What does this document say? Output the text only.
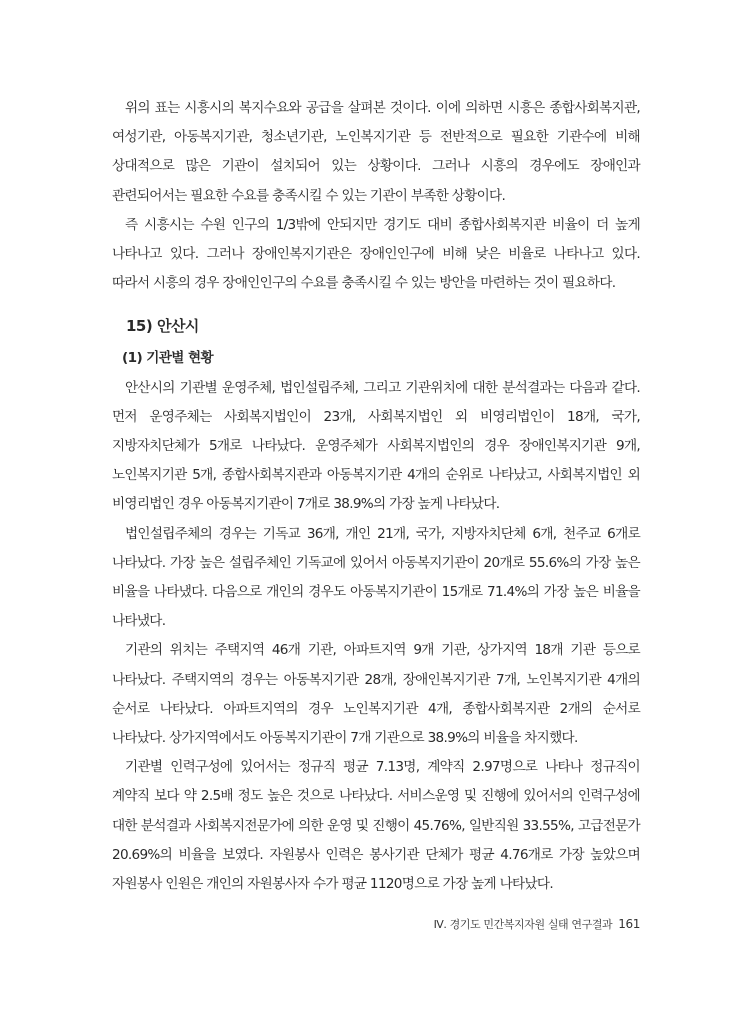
위의 표는 시흥시의 복지수요와 공급을 살펴본 것이다. 이에 의하면 시흥은 종합사회복지관, 여성기관, 아동복지기관, 청소년기관, 노인복지기관 등 전반적으로 필요한 기관수에 비해 상대적으로 많은 기관이 설치되어 있는 상황이다. 그러나 시흥의 경우에도 장애인과 관련되어서는 필요한 수요를 충족시킬 수 있는 기관이 부족한 상황이다.

즉 시흥시는 수원 인구의 1/3밖에 안되지만 경기도 대비 종합사회복지관 비율이 더 높게 나타나고 있다. 그러나 장애인복지기관은 장애인인구에 비해 낮은 비율로 나타나고 있다. 따라서 시흥의 경우 장애인인구의 수요를 충족시킬 수 있는 방안을 마련하는 것이 필요하다.

15) 안산시
(1) 기관별 현황

안산시의 기관별 운영주체, 법인설립주체, 그리고 기관위치에 대한 분석결과는 다음과 같다. 먼저 운영주체는 사회복지법인이 23개, 사회복지법인 외 비영리법인이 18개, 국가, 지방자치단체가 5개로 나타났다. 운영주체가 사회복지법인의 경우 장애인복지기관 9개, 노인복지기관 5개, 종합사회복지관과 아동복지기관 4개의 순위로 나타났고, 사회복지법인 외 비영리법인 경우 아동복지기관이 7개로 38.9%의 가장 높게 나타났다.

법인설립주체의 경우는 기독교 36개, 개인 21개, 국가, 지방자치단체 6개, 천주교 6개로 나타났다. 가장 높은 설립주체인 기독교에 있어서 아동복지기관이 20개로 55.6%의 가장 높은 비율을 나타냈다. 다음으로 개인의 경우도 아동복지기관이 15개로 71.4%의 가장 높은 비율을 나타냈다.

기관의 위치는 주택지역 46개 기관, 아파트지역 9개 기관, 상가지역 18개 기관 등으로 나타났다. 주택지역의 경우는 아동복지기관 28개, 장애인복지기관 7개, 노인복지기관 4개의 순서로 나타났다. 아파트지역의 경우 노인복지기관 4개, 종합사회복지관 2개의 순서로 나타났다. 상가지역에서도 아동복지기관이 7개 기관으로 38.9%의 비율을 차지했다.

기관별 인력구성에 있어서는 정규직 평균 7.13명, 계약직 2.97명으로 나타나 정규직이 계약직 보다 약 2.5배 정도 높은 것으로 나타났다. 서비스운영 및 진행에 있어서의 인력구성에 대한 분석결과 사회복지전문가에 의한 운영 및 진행이 45.76%, 일반직원 33.55%, 고급전문가 20.69%의 비율을 보였다. 자원봉사 인력은 봉사기관 단체가 평균 4.76개로 가장 높았으며 자원봉사 인원은 개인의 자원봉사자 수가 평균 1120명으로 가장 높게 나타났다.

Ⅳ. 경기도 민간복지자원 실태 연구결과 161
